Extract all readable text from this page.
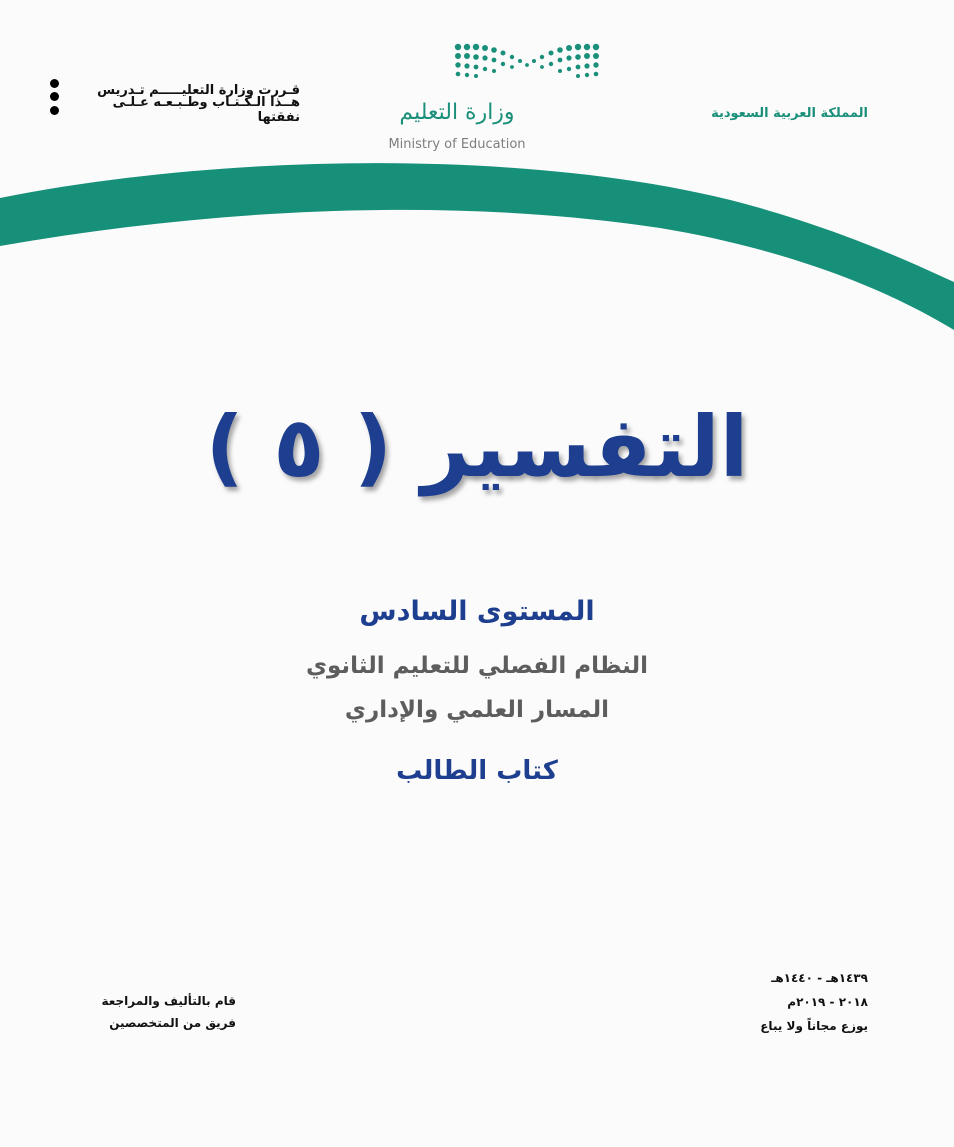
المملكة العربية السعودية
وزارة التعليم
Ministry of Education
قـررت وزارة التعليـــــم تـدريس
هــذا الـكـتـاب وطـبـعـه عـلـى نفقتها
التفسير ( ٥ )
المستوى السادس
النظام الفصلي للتعليم الثانوي
المسار العلمي والإداري
كتاب الطالب
قام بالتأليف والمراجعة
فريق من المتخصصين
١٤٣٩هـ - ١٤٤٠هـ
٢٠١٨ - ٢٠١٩م
يوزع مجاناً ولا يباع
